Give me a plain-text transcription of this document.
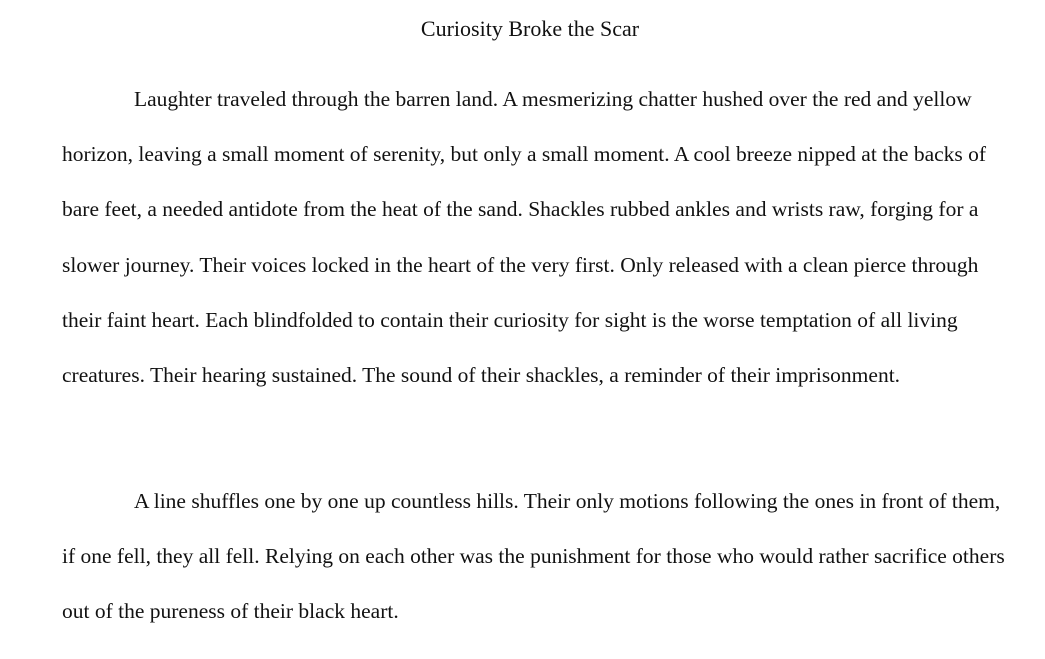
Curiosity Broke the Scar

Laughter traveled through the barren land. A mesmerizing chatter hushed over the red and yellow horizon, leaving a small moment of serenity, but only a small moment. A cool breeze nipped at the backs of bare feet, a needed antidote from the heat of the sand. Shackles rubbed ankles and wrists raw, forging for a slower journey. Their voices locked in the heart of the very first. Only released with a clean pierce through their faint heart. Each blindfolded to contain their curiosity for sight is the worse temptation of all living creatures. Their hearing sustained. The sound of their shackles, a reminder of their imprisonment.

A line shuffles one by one up countless hills. Their only motions following the ones in front of them, if one fell, they all fell. Relying on each other was the punishment for those who would rather sacrifice others out of the pureness of their black heart.
